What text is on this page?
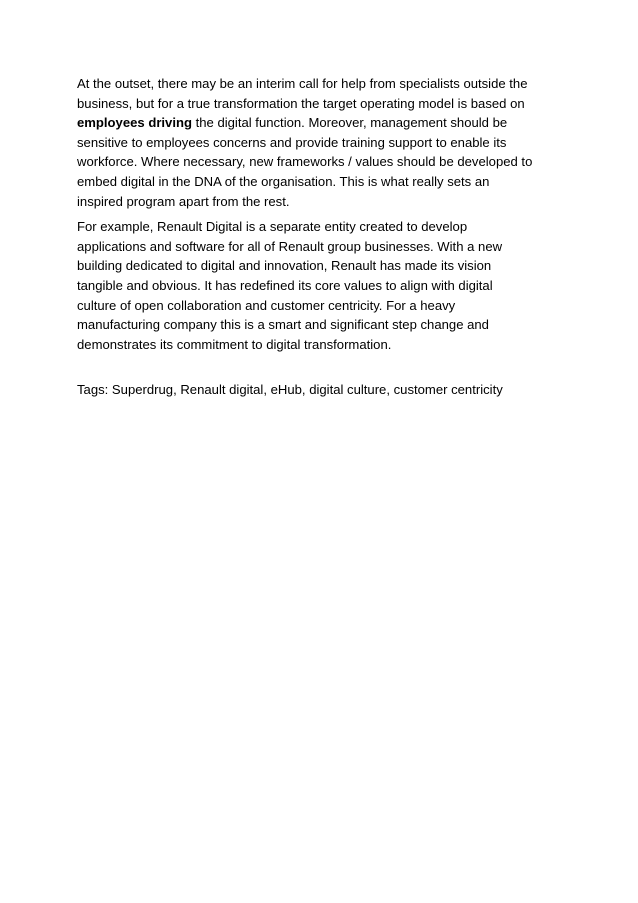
At the outset, there may be an interim call for help from specialists outside the
business, but for a true transformation the target operating model is based on
employees driving the digital function. Moreover, management should be
sensitive to employees concerns and provide training support to enable its
workforce. Where necessary, new frameworks / values should be developed to
embed digital in the DNA of the organisation. This is what really sets an
inspired program apart from the rest.

For example, Renault Digital is a separate entity created to develop
applications and software for all of Renault group businesses. With a new
building dedicated to digital and innovation, Renault has made its vision
tangible and obvious. It has redefined its core values to align with digital
culture of open collaboration and customer centricity. For a heavy
manufacturing company this is a smart and significant step change and
demonstrates its commitment to digital transformation.

Tags: Superdrug, Renault digital, eHub, digital culture, customer centricity
